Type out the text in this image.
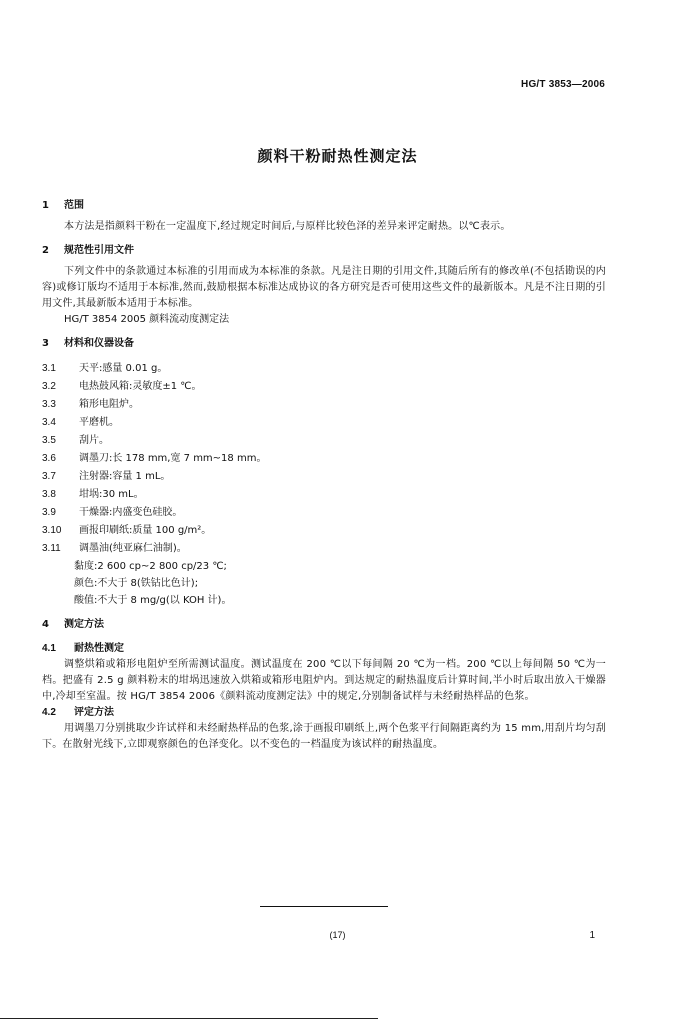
HG/T 3853—2006
颜料干粉耐热性测定法
1 范围

本方法是指颜料干粉在一定温度下,经过规定时间后,与原样比较色泽的差异来评定耐热。以℃表示。

2 规范性引用文件

下列文件中的条款通过本标准的引用而成为本标准的条款。凡是注日期的引用文件,其随后所有的修改单(不包括勘误的内容)或修订版均不适用于本标准,然而,鼓励根据本标准达成协议的各方研究是否可使用这些文件的最新版本。凡是不注日期的引用文件,其最新版本适用于本标准。

HG/T 3854 2005 颜料流动度测定法

3 材料和仪器设备
3.1 天平:感量 0.01 g。
3.2 电热鼓风箱:灵敏度±1 ℃。
3.3 箱形电阻炉。
3.4 平磨机。
3.5 刮片。
3.6 调墨刀:长 178 mm,宽 7 mm~18 mm。
3.7 注射器:容量 1 mL。
3.8 坩埚:30 mL。
3.9 干燥器:内盛变色硅胶。
3.10 画报印刷纸:质量 100 g/m²。
3.11 调墨油(纯亚麻仁油制)。
黏度:2 600 cp~2 800 cp/23 ℃;
颜色:不大于 8(铁钴比色计);
酸值:不大于 8 mg/g(以 KOH 计)。
4 测定方法
4.1 耐热性测定

调整烘箱或箱形电阻炉至所需测试温度。测试温度在 200 ℃以下每间隔 20 ℃为一档。200 ℃以上每间隔 50 ℃为一档。把盛有 2.5 g 颜料粉末的坩埚迅速放入烘箱或箱形电阻炉内。到达规定的耐热温度后计算时间,半小时后取出放入干燥器中,冷却至室温。按 HG/T 3854 2006《颜料流动度测定法》中的规定,分别制备试样与未经耐热样品的色浆。

4.2 评定方法

用调墨刀分别挑取少许试样和未经耐热样品的色浆,涂于画报印刷纸上,两个色浆平行间隔距离约为 15 mm,用刮片均匀刮下。在散射光线下,立即观察颜色的色泽变化。以不变色的一档温度为该试样的耐热温度。

(17)	1
